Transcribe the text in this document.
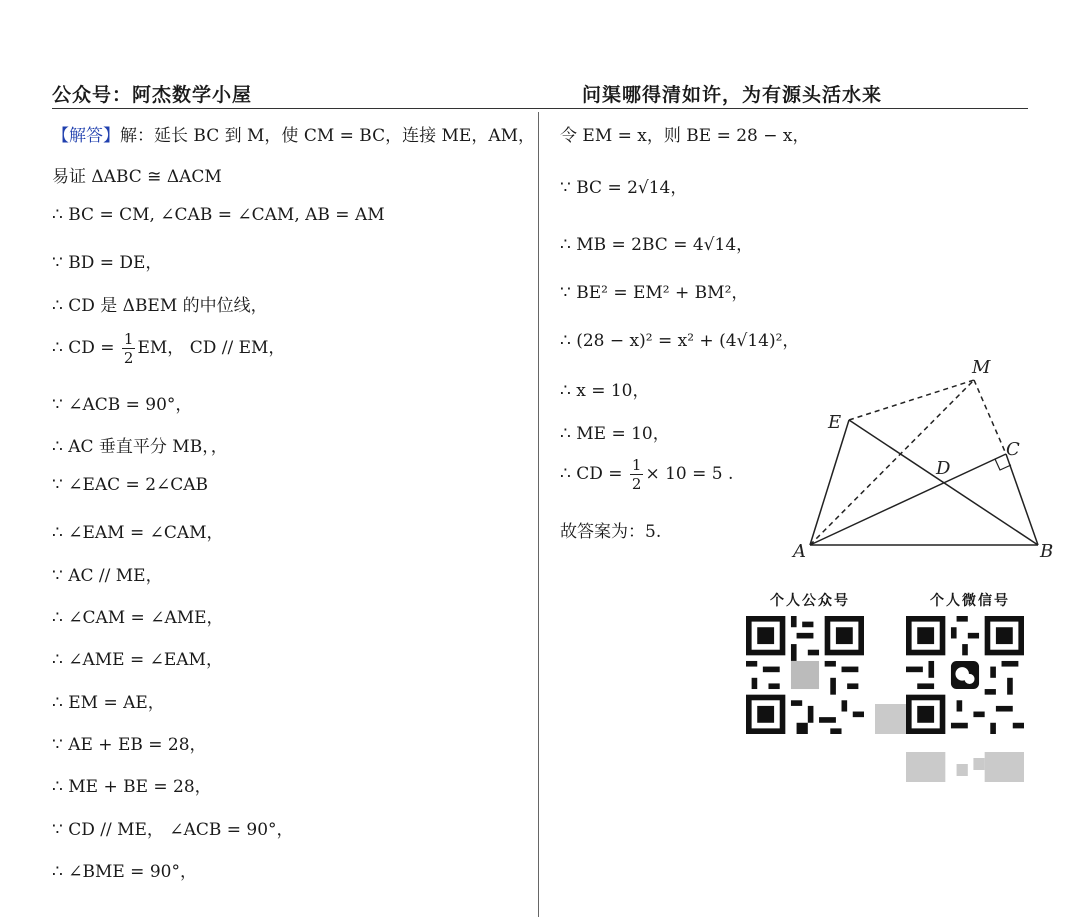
公众号：阿杰数学小屋	问渠哪得清如许，为有源头活水来
【解答】解：延长 BC 到 M，使 CM = BC，连接 ME，AM，
易证 ΔABC ≅ ΔACM
∴ BC = CM, ∠CAB = ∠CAM, AB = AM
∵ BD = DE，
∴ CD 是 ΔBEM 的中位线，
∴ CD = $\frac{1}{2}$ EM， CD // EM，
∵ ∠ACB = 90°，
∴ AC 垂直平分 MB，，
∵ ∠EAC = 2∠CAB
∴ ∠EAM = ∠CAM，
∵ AC // ME，
∴ ∠CAM = ∠AME，
∴ ∠AME = ∠EAM，
∴ EM = AE，
∵ AE + EB = 28，
∴ ME + BE = 28，
∵ CD // ME， ∠ACB = 90°，
∴ ∠BME = 90°，
令 EM = x，则 BE = 28 − x，
∵ BC = 2√14，
∴ MB = 2BC = 4√14，
∵ BE² = EM² + BM²，
∴ (28 − x)² = x² + (4√14)²，
∴ x = 10，
∴ ME = 10，
∴ CD = $\frac{1}{2} \times 10 = 5$ .
故答案为：5.
A	B
C
D
E
M
个人公众号
	个人微信号
